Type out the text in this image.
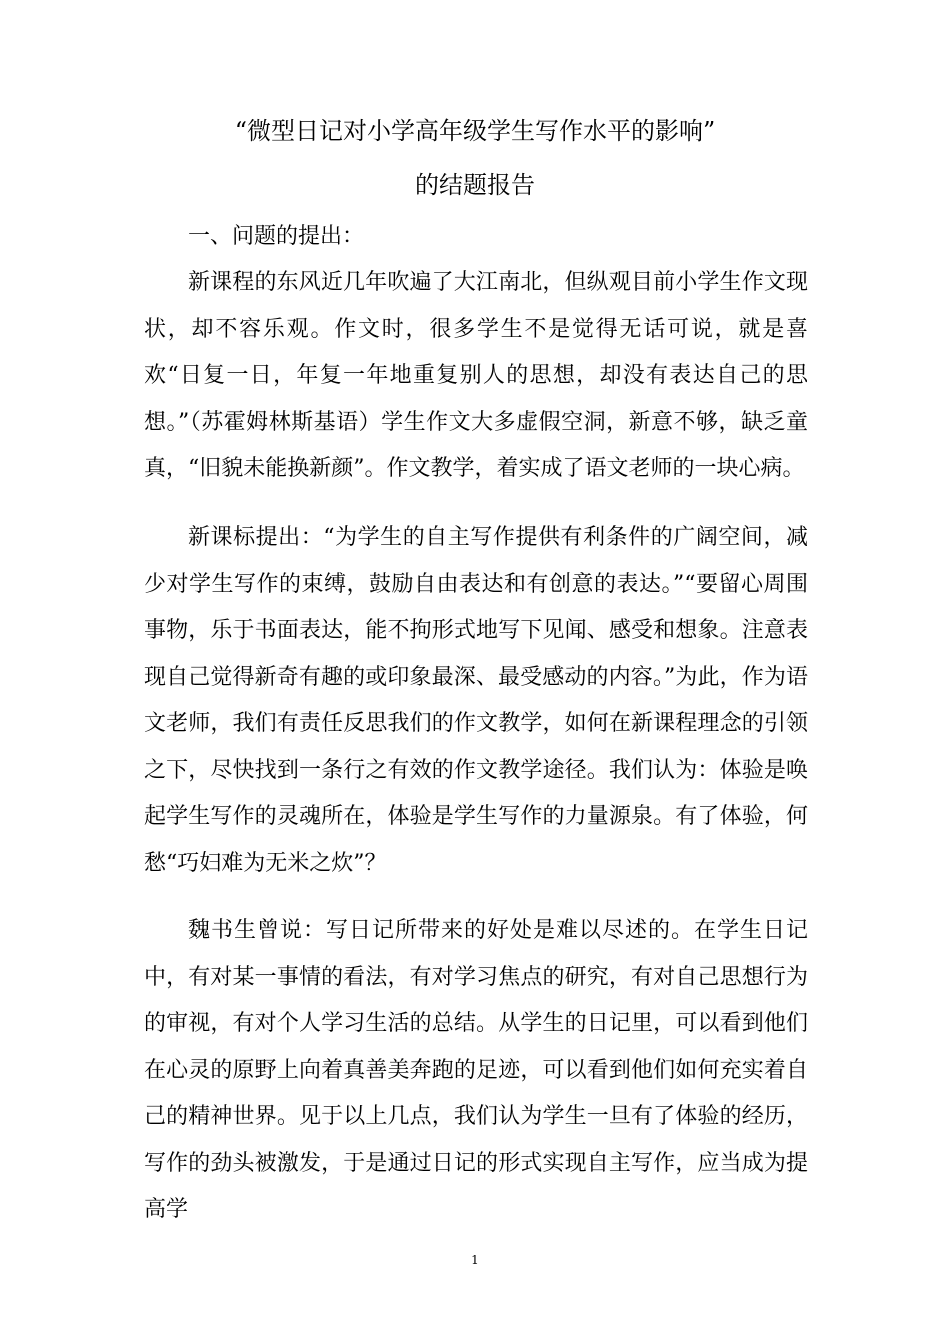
“微型日记对小学高年级学生写作水平的影响”
的结题报告
一、问题的提出：

新课程的东风近几年吹遍了大江南北，但纵观目前小学生作文现状，却不容乐观。作文时，很多学生不是觉得无话可说，就是喜欢“日复一日，年复一年地重复别人的思想，却没有表达自己的思想。”（苏霍姆林斯基语）学生作文大多虚假空洞，新意不够，缺乏童真，“旧貌未能换新颜”。作文教学，着实成了语文老师的一块心病。

新课标提出：“为学生的自主写作提供有利条件的广阔空间，减少对学生写作的束缚，鼓励自由表达和有创意的表达。”“要留心周围事物，乐于书面表达，能不拘形式地写下见闻、感受和想象。注意表现自己觉得新奇有趣的或印象最深、最受感动的内容。”为此，作为语文老师，我们有责任反思我们的作文教学，如何在新课程理念的引领之下，尽快找到一条行之有效的作文教学途径。我们认为：体验是唤起学生写作的灵魂所在，体验是学生写作的力量源泉。有了体验，何愁“巧妇难为无米之炊”？

魏书生曾说：写日记所带来的好处是难以尽述的。在学生日记中，有对某一事情的看法，有对学习焦点的研究，有对自己思想行为的审视，有对个人学习生活的总结。从学生的日记里，可以看到他们在心灵的原野上向着真善美奔跑的足迹，可以看到他们如何充实着自己的精神世界。见于以上几点，我们认为学生一旦有了体验的经历，写作的劲头被激发，于是通过日记的形式实现自主写作，应当成为提高学

1
